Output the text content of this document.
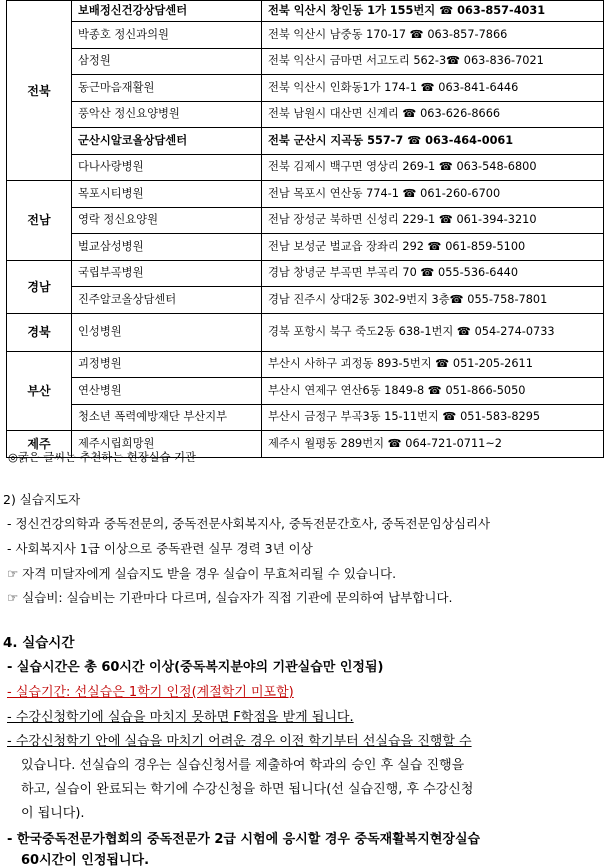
전북	보배정신건강상담센터	전북 익산시 창인동 1가 155번지 ☎ 063-857-4031
	박종호 정신과의원	전북 익산시 남중동 170-17 ☎ 063-857-7866
	삼정원	전북 익산시 금마면 서고도리 562-3☎ 063-836-7021
	동근마음재활원	전북 익산시 인화동1가 174-1 ☎ 063-841-6446
	풍악산 정신요양병원	전북 남원시 대산면 신계리 ☎ 063-626-8666
	군산시알코올상담센터	전북 군산시 지곡동 557-7 ☎ 063-464-0061
	다나사랑병원	전북 김제시 백구면 영상리 269-1 ☎ 063-548-6800
전남	목포시티병원	전남 목포시 연산동 774-1 ☎ 061-260-6700
	영락 정신요양원	전남 장성군 북하면 신성리 229-1 ☎ 061-394-3210
	벌교삼성병원	전남 보성군 벌교읍 장좌리 292 ☎ 061-859-5100
경남	국립부곡병원	경남 창녕군 부곡면 부곡리 70 ☎ 055-536-6440
	진주알코올상담센터	경남 진주시 상대2동 302-9번지 3층☎ 055-758-7801
경북	인성병원	경북 포항시 북구 죽도2동 638-1번지 ☎ 054-274-0733
부산	괴정병원	부산시 사하구 괴정동 893-5번지 ☎ 051-205-2611
	연산병원	부산시 연제구 연산6동 1849-8 ☎ 051-866-5050
	청소년 폭력예방재단 부산지부	부산시 금정구 부곡3동 15-11번지 ☎ 051-583-8295
제주	제주시립희망원	제주시 월평동 289번지 ☎ 064-721-0711~2
◎굵은 글씨는 추천하는 현장실습 기관
2) 실습지도자
- 정신건강의학과 중독전문의, 중독전문사회복지사, 중독전문간호사, 중독전문임상심리사
- 사회복지사 1급 이상으로 중독관련 실무 경력 3년 이상
☞ 자격 미달자에게 실습지도 받을 경우 실습이 무효처리될 수 있습니다.
☞ 실습비: 실습비는 기관마다 다르며, 실습자가 직접 기관에 문의하여 납부합니다.
4. 실습시간
- 실습시간은 총 60시간 이상(중독복지분야의 기관실습만 인정됨)
- 실습기간: 선실습은 1학기 인정(계절학기 미포함)
- 수강신청학기에 실습을 마치지 못하면 F학점을 받게 됩니다.
- 수강신청학기 안에 실습을 마치기 어려운 경우 이전 학기부터 선실습을 진행할 수
있습니다. 선실습의 경우는 실습신청서를 제출하여 학과의 승인 후 실습 진행을
하고, 실습이 완료되는 학기에 수강신청을 하면 됩니다(선 실습진행, 후 수강신청
이 됩니다).
- 한국중독전문가협회의 중독전문가 2급 시험에 응시할 경우 중독재활복지현장실습
60시간이 인정됩니다.
